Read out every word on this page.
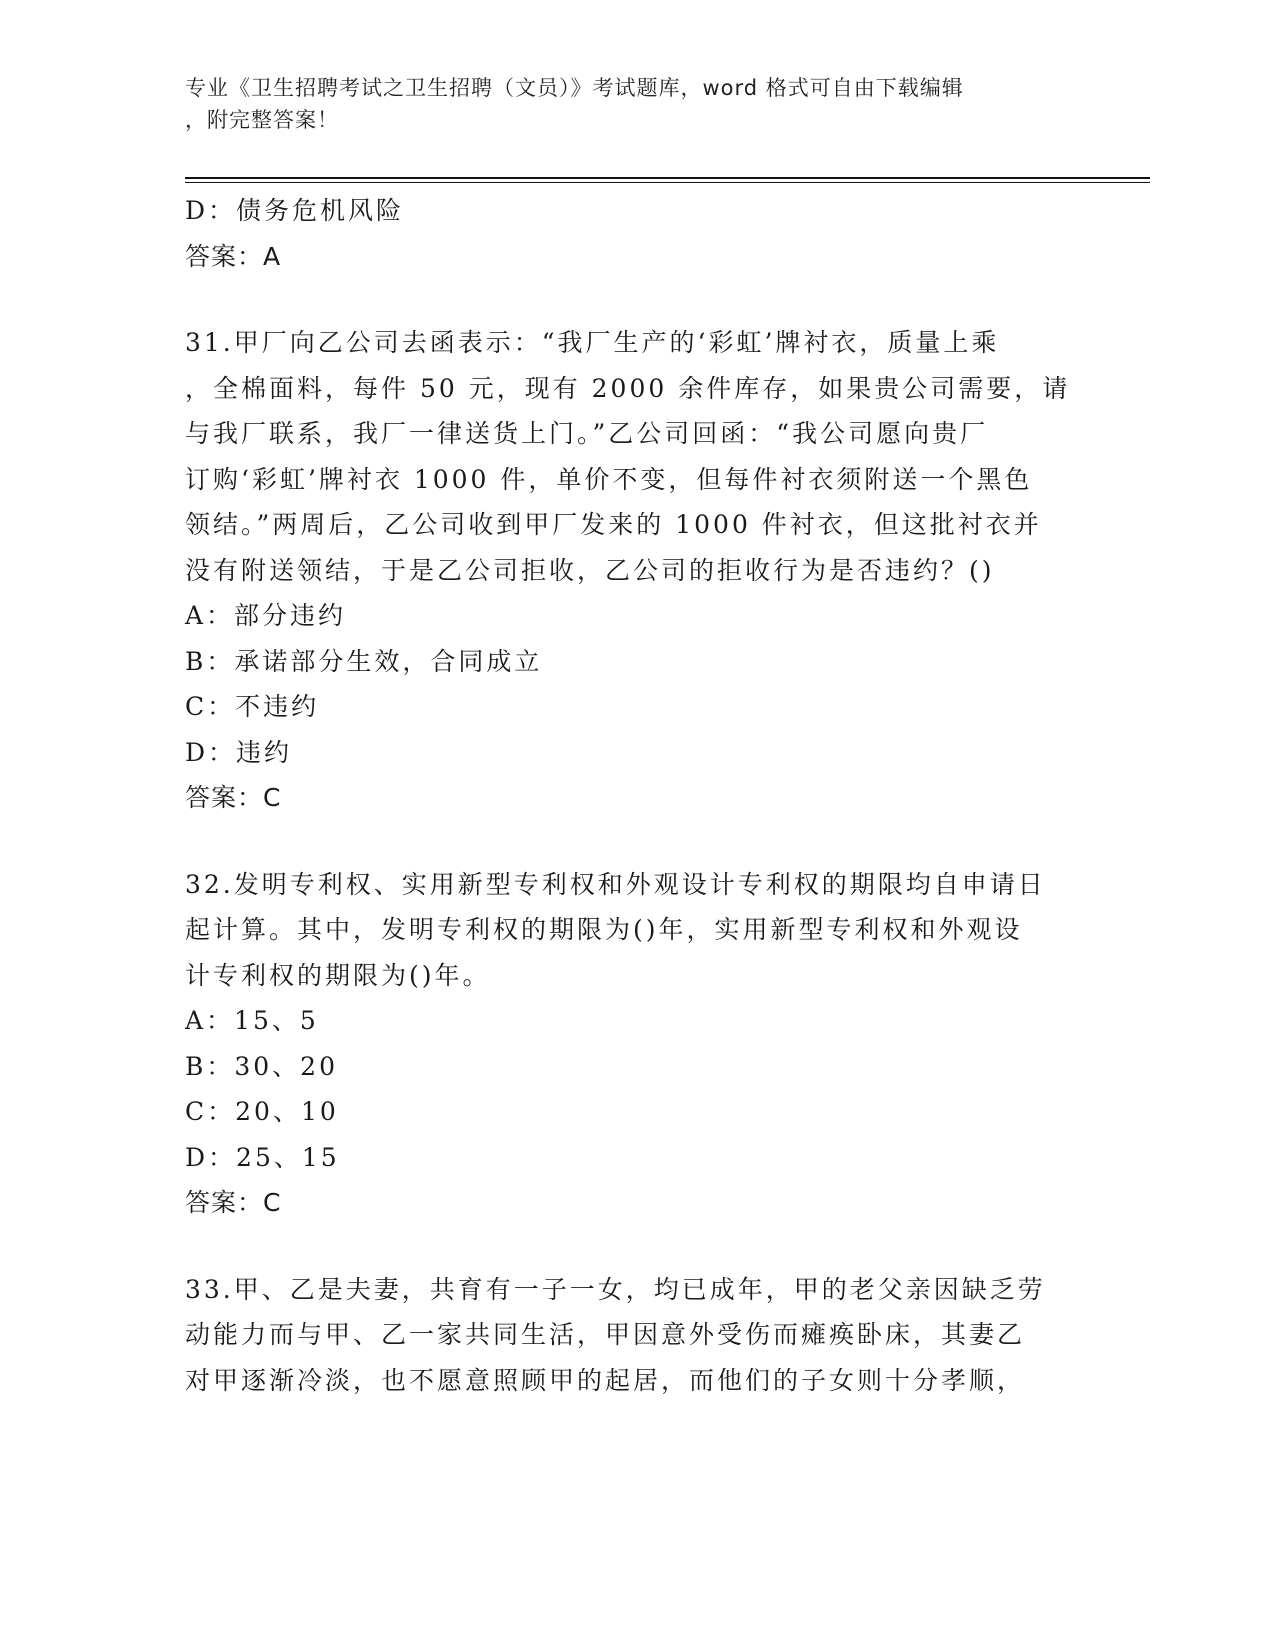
专业《卫生招聘考试之卫生招聘（文员）》考试题库，word 格式可自由下载编辑
，附完整答案！
D：债务危机风险
答案：A
31.甲厂向乙公司去函表示：“我厂生产的‘彩虹’牌衬衣，质量上乘
，全棉面料，每件 50 元，现有 2000 余件库存，如果贵公司需要，请
与我厂联系，我厂一律送货上门。”乙公司回函：“我公司愿向贵厂
订购‘彩虹’牌衬衣 1000 件，单价不变，但每件衬衣须附送一个黑色
领结。”两周后，乙公司收到甲厂发来的 1000 件衬衣，但这批衬衣并
没有附送领结，于是乙公司拒收，乙公司的拒收行为是否违约？()
A：部分违约
B：承诺部分生效，合同成立
C：不违约
D：违约
答案：C
32.发明专利权、实用新型专利权和外观设计专利权的期限均自申请日
起计算。其中，发明专利权的期限为()年，实用新型专利权和外观设
计专利权的期限为()年。
A：15、5
B：30、20
C：20、10
D：25、15
答案：C
33.甲、乙是夫妻，共育有一子一女，均已成年，甲的老父亲因缺乏劳
动能力而与甲、乙一家共同生活，甲因意外受伤而瘫痪卧床，其妻乙
对甲逐渐冷淡，也不愿意照顾甲的起居，而他们的子女则十分孝顺，
